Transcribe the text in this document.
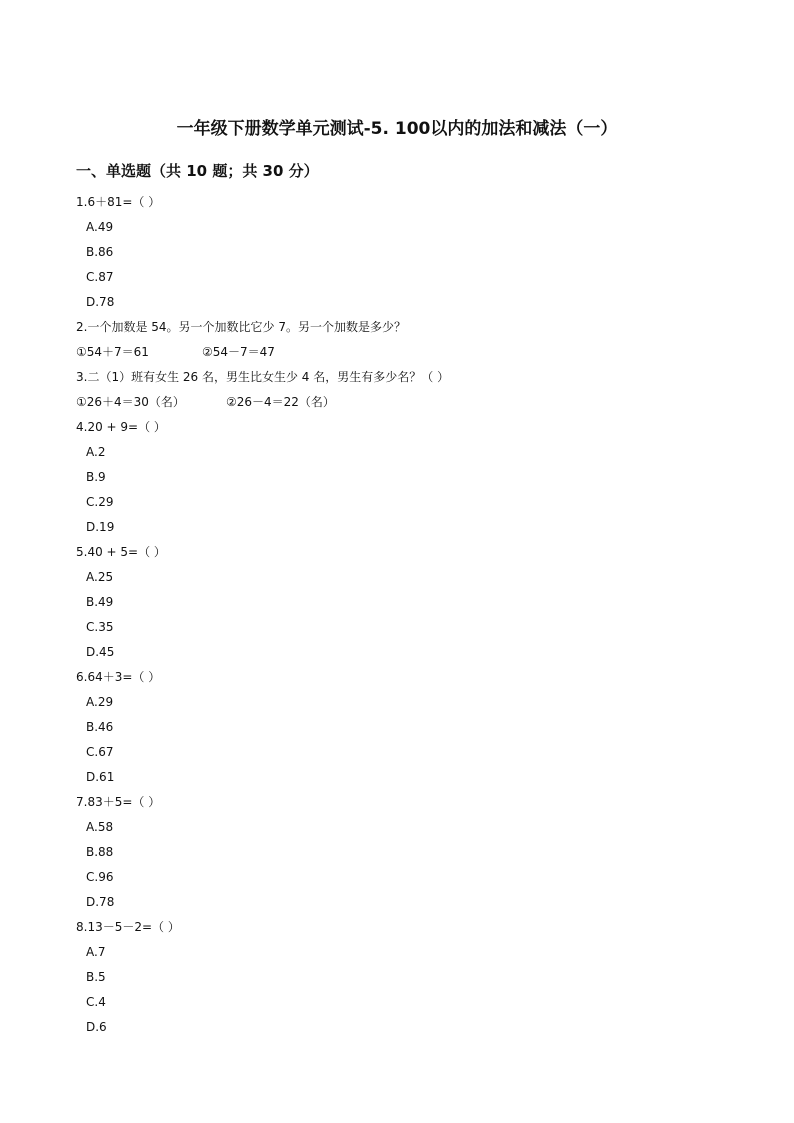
一年级下册数学单元测试-5. 100以内的加法和减法（一）
一、单选题（共 10 题；共 30 分）
1.6＋81=（ ）
A.49
B.86
C.87
D.78
2.一个加数是 54。另一个加数比它少 7。另一个加数是多少？
①54＋7＝61	②54－7＝47
3.二（1）班有女生 26 名，男生比女生少 4 名，男生有多少名？（ ）
①26＋4＝30（名）	②26－4＝22（名）
4.20 + 9=（ ）
A.2
B.9
C.29
D.19
5.40 + 5=（ ）
A.25
B.49
C.35
D.45
6.64＋3=（ ）
A.29
B.46
C.67
D.61
7.83＋5=（ ）
A.58
B.88
C.96
D.78
8.13－5－2=（ ）
A.7
B.5
C.4
D.6
